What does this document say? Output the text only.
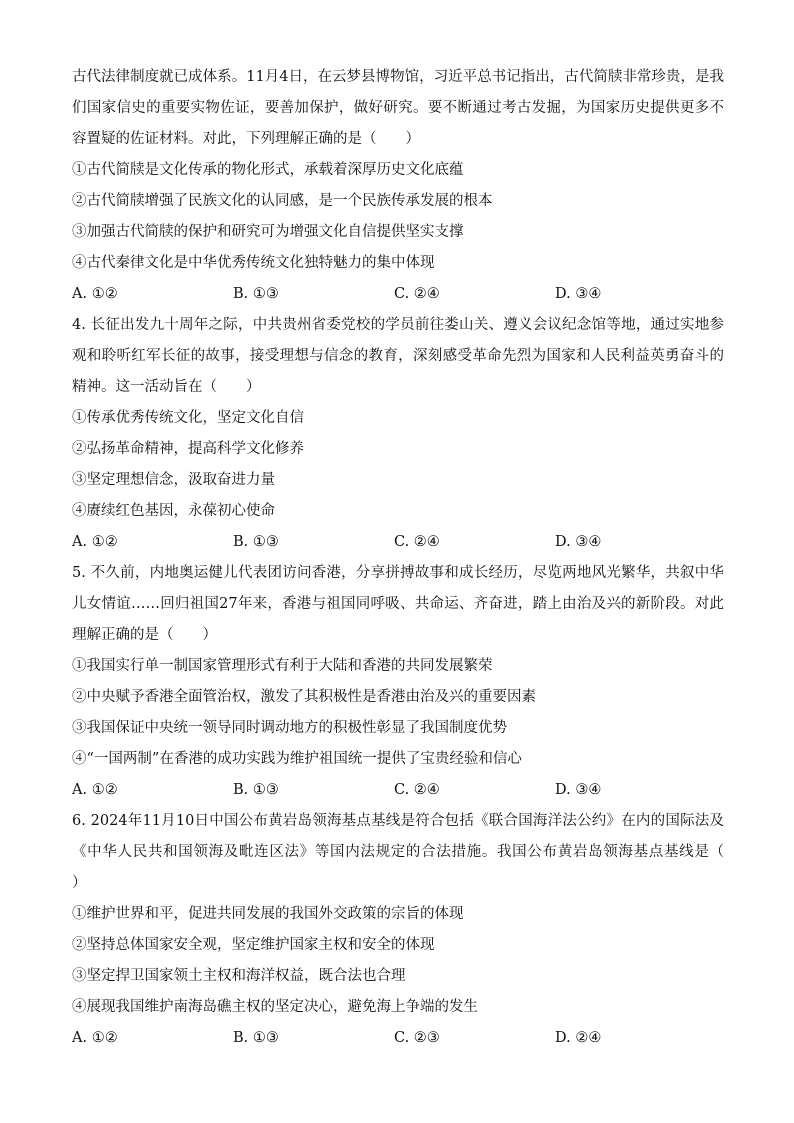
古代法律制度就已成体系。11月4日，在云梦县博物馆，习近平总书记指出，古代简牍非常珍贵，是我们国家信史的重要实物佐证，要善加保护，做好研究。要不断通过考古发掘，为国家历史提供更多不容置疑的佐证材料。对此，下列理解正确的是（　　）

①古代简牍是文化传承的物化形式，承载着深厚历史文化底蕴

②古代简牍增强了民族文化的认同感，是一个民族传承发展的根本

③加强古代简牍的保护和研究可为增强文化自信提供坚实支撑

④古代秦律文化是中华优秀传统文化独特魅力的集中体现

A. ①②	B. ①③	C. ②④	D. ③④

4. 长征出发九十周年之际，中共贵州省委党校的学员前往娄山关、遵义会议纪念馆等地，通过实地参观和聆听红军长征的故事，接受理想与信念的教育，深刻感受革命先烈为国家和人民利益英勇奋斗的精神。这一活动旨在（　　）

①传承优秀传统文化，坚定文化自信

②弘扬革命精神，提高科学文化修养

③坚定理想信念，汲取奋进力量

④赓续红色基因，永葆初心使命

A. ①②	B. ①③	C. ②④	D. ③④

5. 不久前，内地奥运健儿代表团访问香港，分享拼搏故事和成长经历，尽览两地风光繁华，共叙中华儿女情谊……回归祖国27年来，香港与祖国同呼吸、共命运、齐奋进，踏上由治及兴的新阶段。对此理解正确的是（　　）

①我国实行单一制国家管理形式有利于大陆和香港的共同发展繁荣

②中央赋予香港全面管治权，激发了其积极性是香港由治及兴的重要因素

③我国保证中央统一领导同时调动地方的积极性彰显了我国制度优势

④“一国两制”在香港的成功实践为维护祖国统一提供了宝贵经验和信心

A. ①②	B. ①③	C. ②④	D. ③④

6. 2024年11月10日中国公布黄岩岛领海基点基线是符合包括《联合国海洋法公约》在内的国际法及《中华人民共和国领海及毗连区法》等国内法规定的合法措施。我国公布黄岩岛领海基点基线是（　　）

①维护世界和平，促进共同发展的我国外交政策的宗旨的体现

②坚持总体国家安全观，坚定维护国家主权和安全的体现

③坚定捍卫国家领土主权和海洋权益，既合法也合理

④展现我国维护南海岛礁主权的坚定决心，避免海上争端的发生

A. ①②	B. ①③	C. ②③	D. ②④
